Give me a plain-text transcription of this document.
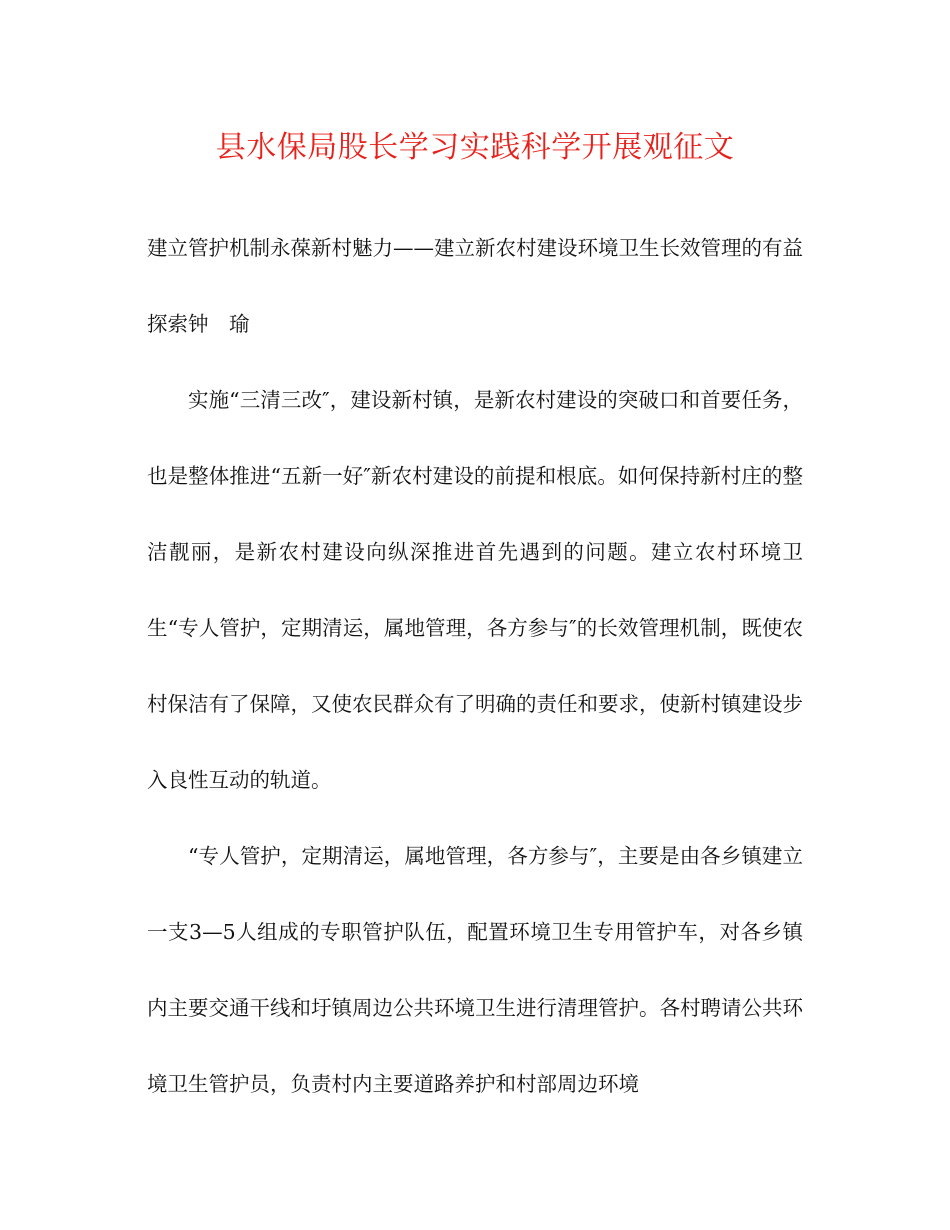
县水保局股长学习实践科学开展观征文

建立管护机制永葆新村魅力——建立新农村建设环境卫生长效管理的有益探索钟　瑜

实施“三清三改″，建设新村镇，是新农村建设的突破口和首要任务，也是整体推进“五新一好″新农村建设的前提和根底。如何保持新村庄的整洁靓丽，是新农村建设向纵深推进首先遇到的问题。建立农村环境卫生“专人管护，定期清运，属地管理，各方参与″的长效管理机制，既使农村保洁有了保障，又使农民群众有了明确的责任和要求，使新村镇建设步入良性互动的轨道。

“专人管护，定期清运，属地管理，各方参与″，主要是由各乡镇建立一支3—5人组成的专职管护队伍，配置环境卫生专用管护车，对各乡镇内主要交通干线和圩镇周边公共环境卫生进行清理管护。各村聘请公共环境卫生管护员，负责村内主要道路养护和村部周边环境
